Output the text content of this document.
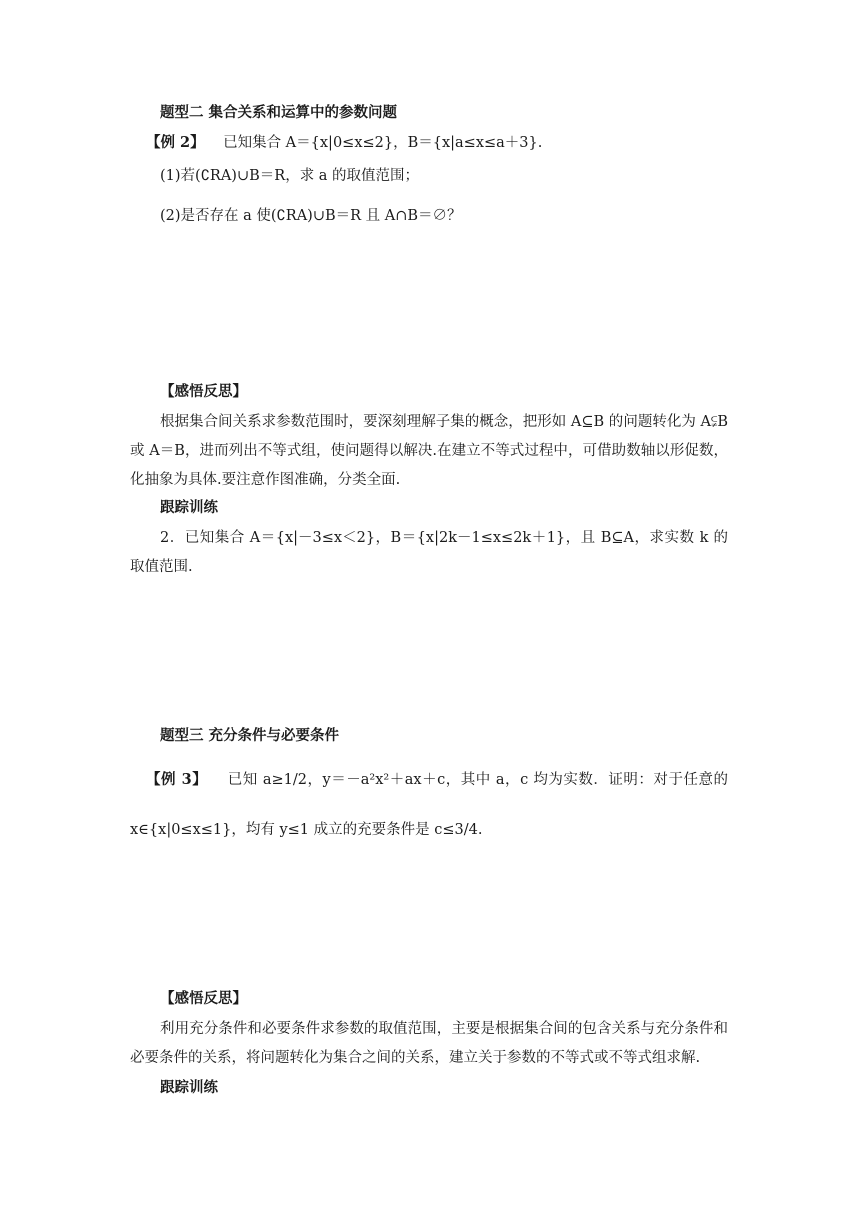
题型二 集合关系和运算中的参数问题
【例 2】 已知集合 A＝{x|0≤x≤2}，B＝{x|a≤x≤a＋3}.
(1)若(∁RA)∪B＝R，求 a 的取值范围；
(2)是否存在 a 使(∁RA)∪B＝R 且 A∩B＝∅？
【感悟反思】
根据集合间关系求参数范围时，要深刻理解子集的概念，把形如 A⊆B 的问题转化为 A⫋B 或 A＝B，进而列出不等式组，使问题得以解决.在建立不等式过程中，可借助数轴以形促数，化抽象为具体.要注意作图准确，分类全面.
跟踪训练
2．已知集合 A＝{x|－3≤x＜2}，B＝{x|2k－1≤x≤2k＋1}，且 B⊆A，求实数 k 的取值范围.
题型三 充分条件与必要条件
【例 3】 已知 a≥1/2，y＝－a²x²＋ax＋c，其中 a，c 均为实数．证明：对于任意的 x∈{x|0≤x≤1}，均有 y≤1 成立的充要条件是 c≤3/4.
【感悟反思】
利用充分条件和必要条件求参数的取值范围，主要是根据集合间的包含关系与充分条件和必要条件的关系，将问题转化为集合之间的关系，建立关于参数的不等式或不等式组求解.
跟踪训练
